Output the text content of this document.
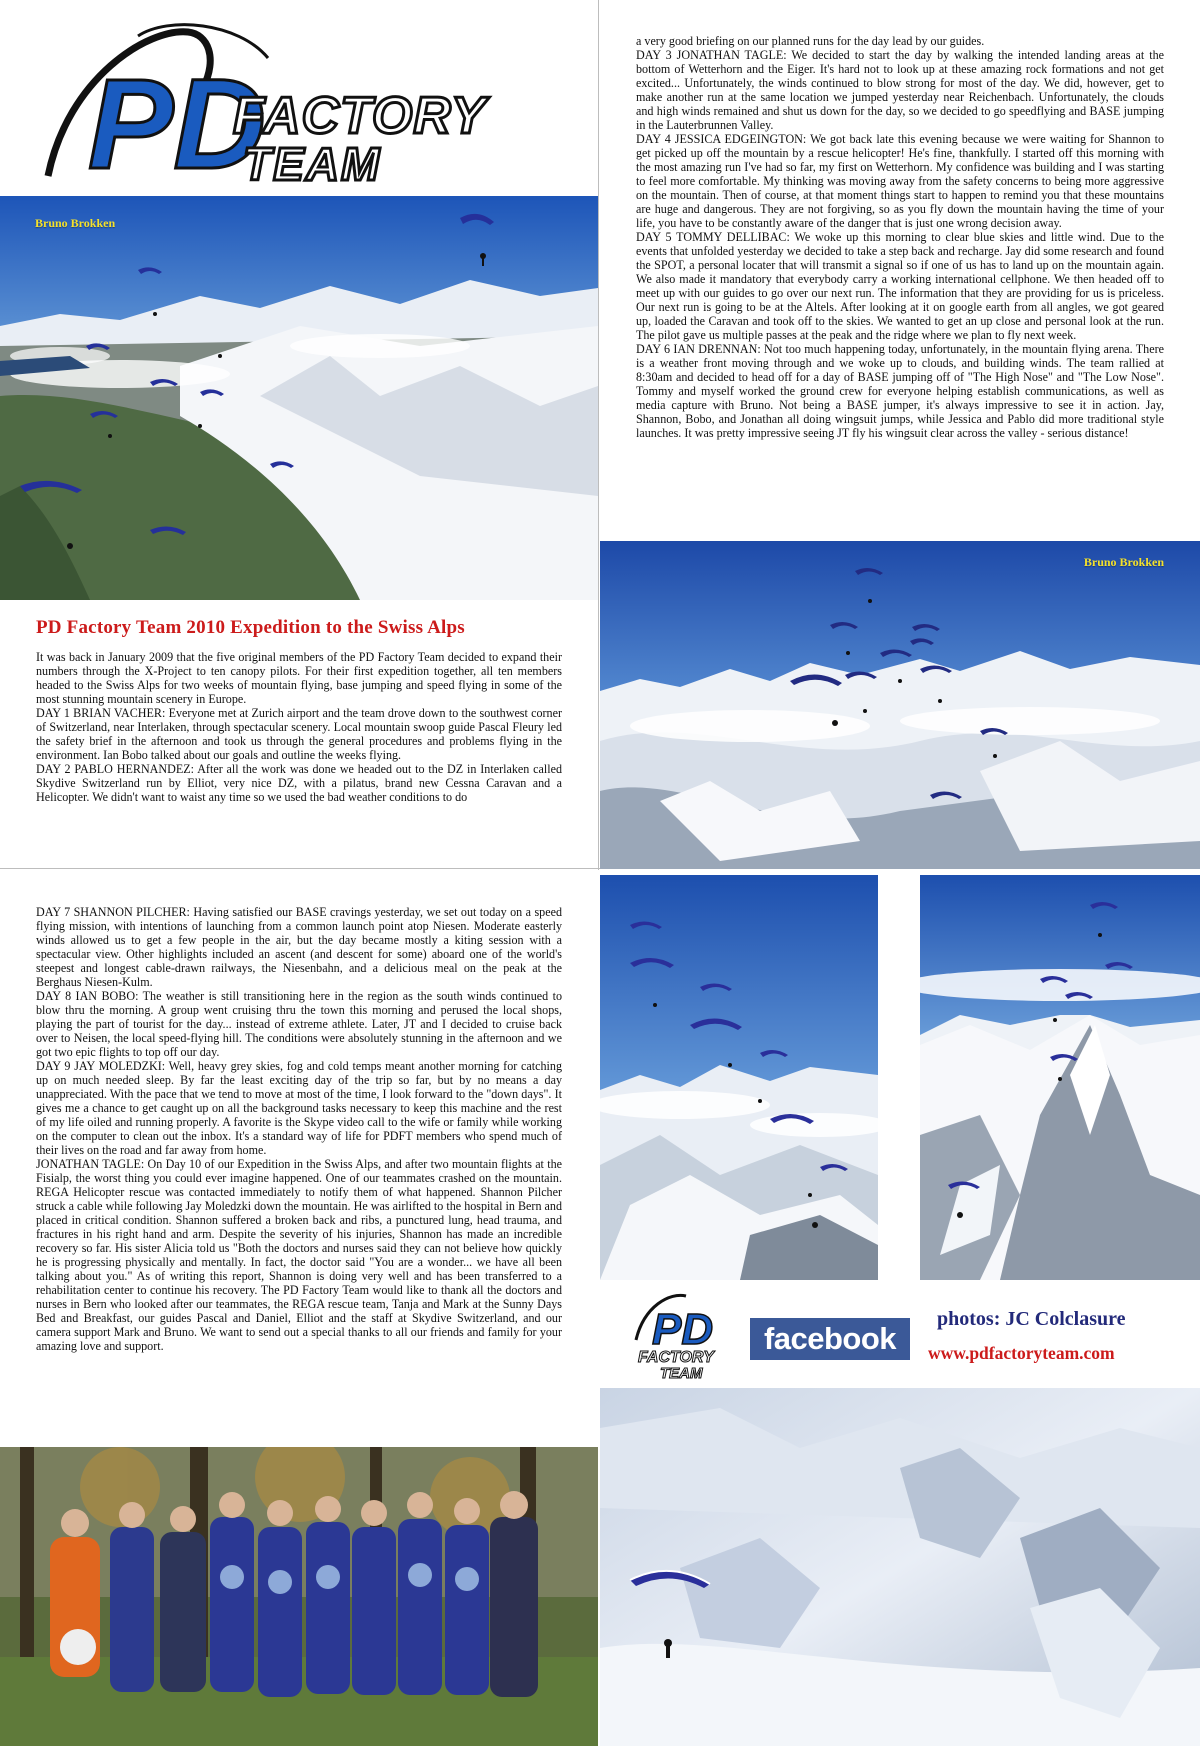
PD
FACTORY
TEAM
Bruno Brokken
Bruno Brokken
PD Factory Team 2010 Expedition to the Swiss Alps

It was back in January 2009 that the five original members of the PD Factory Team decided to expand their numbers through the X-Project to ten canopy pilots. For their first expedition together, all ten members headed to the Swiss Alps for two weeks of mountain flying, base jumping and speed flying in some of the most stunning mountain scenery in Europe.

DAY 1 BRIAN VACHER: Everyone met at Zurich airport and the team drove down to the southwest corner of Switzerland, near Interlaken, through spectacular scenery. Local mountain swoop guide Pascal Fleury led the safety brief in the afternoon and took us through the general procedures and problems flying in the environment. Ian Bobo talked about our goals and outline the weeks flying.

DAY 2 PABLO HERNANDEZ: After all the work was done we headed out to the DZ in Interlaken called Skydive Switzerland run by Elliot, very nice DZ, with a pilatus, brand new Cessna Caravan and a Helicopter. We didn't want to waist any time so we used the bad weather conditions to do

a very good briefing on our planned runs for the day lead by our guides.

DAY 3 JONATHAN TAGLE: We decided to start the day by walking the intended landing areas at the bottom of Wetterhorn and the Eiger. It's hard not to look up at these amazing rock formations and not get excited... Unfortunately, the winds continued to blow strong for most of the day. We did, however, get to make another run at the same location we jumped yesterday near Reichenbach. Unfortunately, the clouds and high winds remained and shut us down for the day, so we decided to go speedflying and BASE jumping in the Lauterbrunnen Valley.

DAY 4 JESSICA EDGEINGTON: We got back late this evening because we were waiting for Shannon to get picked up off the mountain by a rescue helicopter! He's fine, thankfully. I started off this morning with the most amazing run I've had so far, my first on Wetterhorn. My confidence was building and I was starting to feel more comfortable. My thinking was moving away from the safety concerns to being more aggressive on the mountain. Then of course, at that moment things start to happen to remind you that these mountains are huge and dangerous. They are not forgiving, so as you fly down the mountain having the time of your life, you have to be constantly aware of the danger that is just one wrong decision away.

DAY 5 TOMMY DELLIBAC: We woke up this morning to clear blue skies and little wind. Due to the events that unfolded yesterday we decided to take a step back and recharge. Jay did some research and found the SPOT, a personal locater that will transmit a signal so if one of us has to land up on the mountain again. We also made it mandatory that everybody carry a working international cellphone. We then headed off to meet up with our guides to go over our next run. The information that they are providing for us is priceless. Our next run is going to be at the Altels. After looking at it on google earth from all angles, we got geared up, loaded the Caravan and took off to the skies. We wanted to get an up close and personal look at the run. The pilot gave us multiple passes at the peak and the ridge where we plan to fly next week.

DAY 6 IAN DRENNAN: Not too much happening today, unfortunately, in the mountain flying arena. There is a weather front moving through and we woke up to clouds, and building winds. The team rallied at 8:30am and decided to head off for a day of BASE jumping off of "The High Nose" and "The Low Nose". Tommy and myself worked the ground crew for everyone helping establish communications, as well as media capture with Bruno. Not being a BASE jumper, it's always impressive to see it in action. Jay, Shannon, Bobo, and Jonathan all doing wingsuit jumps, while Jessica and Pablo did more traditional style launches. It was pretty impressive seeing JT fly his wingsuit clear across the valley - serious distance!

DAY 7 SHANNON PILCHER: Having satisfied our BASE cravings yesterday, we set out today on a speed flying mission, with intentions of launching from a common launch point atop Niesen. Moderate easterly winds allowed us to get a few people in the air, but the day became mostly a kiting session with a spectacular view. Other highlights included an ascent (and descent for some) aboard one of the world's steepest and longest cable-drawn railways, the Niesenbahn, and a delicious meal on the peak at the Berghaus Niesen-Kulm.

DAY 8 IAN BOBO: The weather is still transitioning here in the region as the south winds continued to blow thru the morning. A group went cruising thru the town this morning and perused the local shops, playing the part of tourist for the day... instead of extreme athlete. Later, JT and I decided to cruise back over to Neisen, the local speed-flying hill. The conditions were absolutely stunning in the afternoon and we got two epic flights to top off our day.

DAY 9 JAY MOLEDZKI: Well, heavy grey skies, fog and cold temps meant another morning for catching up on much needed sleep. By far the least exciting day of the trip so far, but by no means a day unappreciated. With the pace that we tend to move at most of the time, I look forward to the "down days". It gives me a chance to get caught up on all the background tasks necessary to keep this machine and the rest of my life oiled and running properly. A favorite is the Skype video call to the wife or family while working on the computer to clean out the inbox. It's a standard way of life for PDFT members who spend much of their lives on the road and far away from home.

JONATHAN TAGLE: On Day 10 of our Expedition in the Swiss Alps, and after two mountain flights at the Fisialp, the worst thing you could ever imagine happened. One of our teammates crashed on the mountain. REGA Helicopter rescue was contacted immediately to notify them of what happened. Shannon Pilcher struck a cable while following Jay Moledzki down the mountain. He was airlifted to the hospital in Bern and placed in critical condition. Shannon suffered a broken back and ribs, a punctured lung, head trauma, and fractures in his right hand and arm. Despite the severity of his injuries, Shannon has made an incredible recovery so far. His sister Alicia told us "Both the doctors and nurses said they can not believe how quickly he is progressing physically and mentally. In fact, the doctor said "You are a wonder... we have all been talking about you." As of writing this report, Shannon is doing very well and has been transferred to a rehabilitation center to continue his recovery. The PD Factory Team would like to thank all the doctors and nurses in Bern who looked after our teammates, the REGA rescue team, Tanja and Mark at the Sunny Days Bed and Breakfast, our guides Pascal and Daniel, Elliot and the staff at Skydive Switzerland, and our camera support Mark and Bruno. We want to send out a special thanks to all our friends and family for your amazing love and support.	PD
FACTORY
TEAM
facebook
photos: JC Colclasure
www.pdfactoryteam.com
